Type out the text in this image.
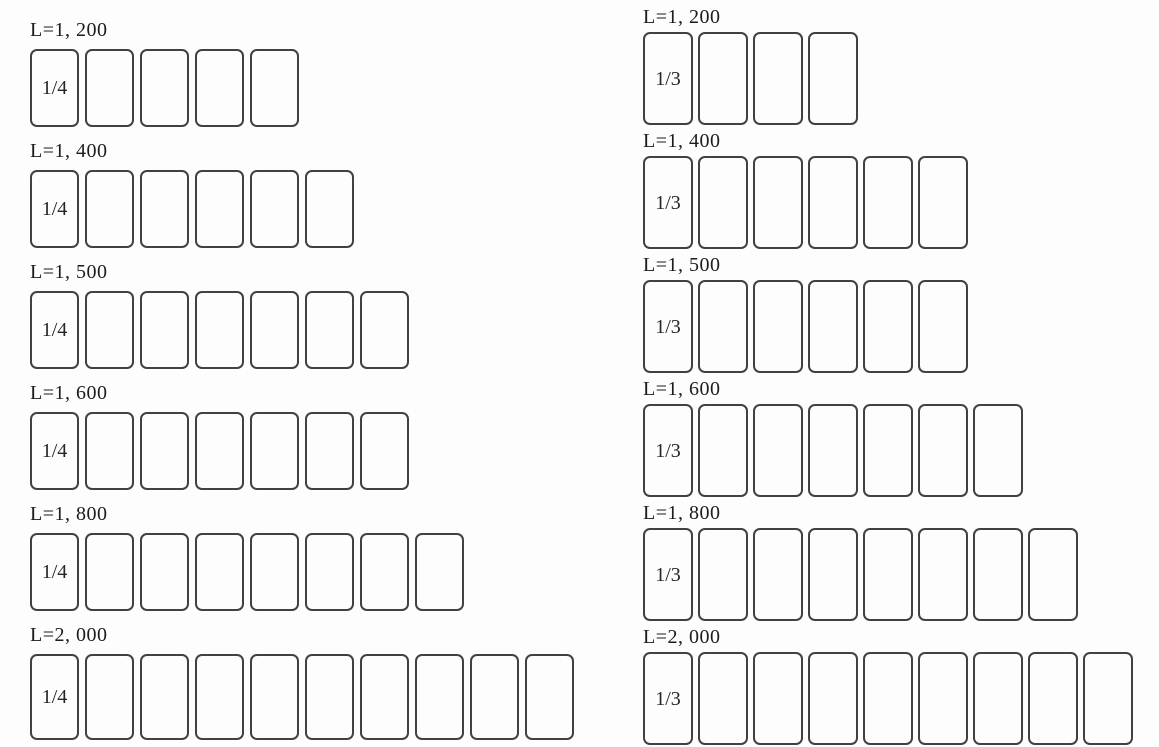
L=1, 200
1/4
L=1, 400
1/4
L=1, 500
1/4
L=1, 600
1/4
L=1, 800
1/4
L=2, 000
1/4
L=1, 200
1/3
L=1, 400
1/3
L=1, 500
1/3
L=1, 600
1/3
L=1, 800
1/3
L=2, 000
1/3
